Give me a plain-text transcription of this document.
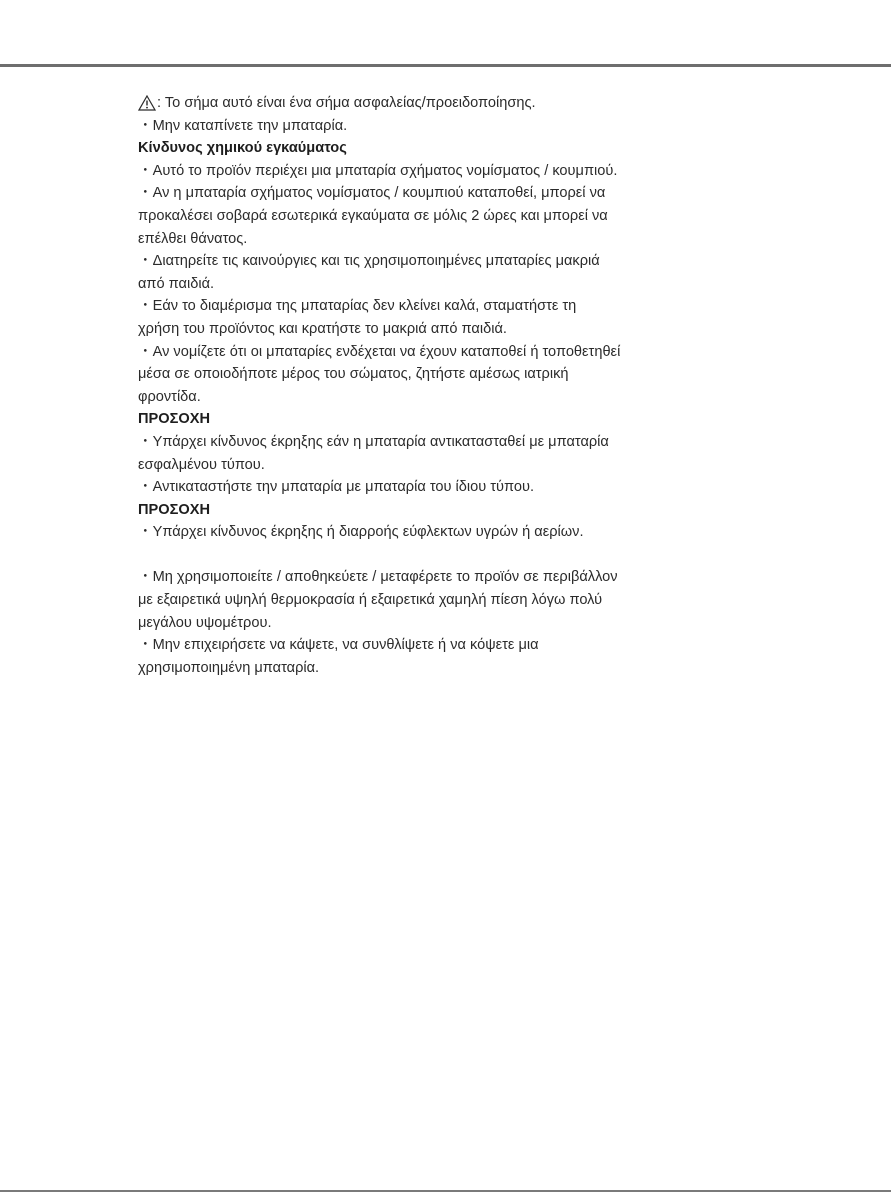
: Το σήμα αυτό είναι ένα σήμα ασφαλείας/προειδοποίησης.
・Μην καταπίνετε την μπαταρία.
Κίνδυνος χημικού εγκαύματος
・Αυτό το προϊόν περιέχει μια μπαταρία σχήματος νομίσματος / κουμπιού.
・Αν η μπαταρία σχήματος νομίσματος / κουμπιού καταποθεί, μπορεί να
προκαλέσει σοβαρά εσωτερικά εγκαύματα σε μόλις 2 ώρες και μπορεί να
επέλθει θάνατος.
・Διατηρείτε τις καινούργιες και τις χρησιμοποιημένες μπαταρίες μακριά
από παιδιά.
・Εάν το διαμέρισμα της μπαταρίας δεν κλείνει καλά, σταματήστε τη
χρήση του προϊόντος και κρατήστε το μακριά από παιδιά.
・Αν νομίζετε ότι οι μπαταρίες ενδέχεται να έχουν καταποθεί ή τοποθετηθεί
μέσα σε οποιοδήποτε μέρος του σώματος, ζητήστε αμέσως ιατρική
φροντίδα.
ΠΡΟΣΟΧΗ
・Υπάρχει κίνδυνος έκρηξης εάν η μπαταρία αντικατασταθεί με μπαταρία
εσφαλμένου τύπου.
・Αντικαταστήστε την μπαταρία με μπαταρία του ίδιου τύπου.
ΠΡΟΣΟΧΗ
・Υπάρχει κίνδυνος έκρηξης ή διαρροής εύφλεκτων υγρών ή αερίων.
・Μη χρησιμοποιείτε / αποθηκεύετε / μεταφέρετε το προϊόν σε περιβάλλον
με εξαιρετικά υψηλή θερμοκρασία ή εξαιρετικά χαμηλή πίεση λόγω πολύ
μεγάλου υψομέτρου.
・Μην επιχειρήσετε να κάψετε, να συνθλίψετε ή να κόψετε μια
χρησιμοποιημένη μπαταρία.
